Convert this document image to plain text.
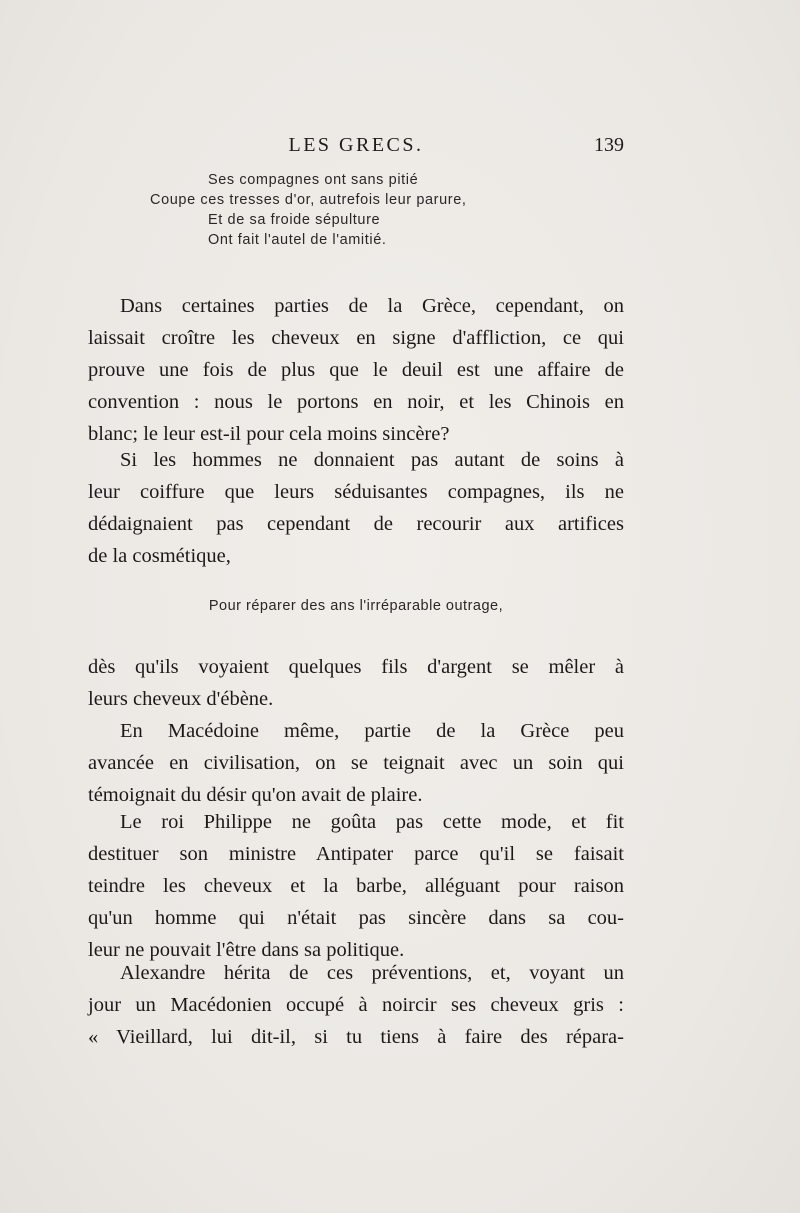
LES GRECS.	139
Ses compagnes ont sans pitié
Coupe ces tresses d'or, autrefois leur parure,
Et de sa froide sépulture
Ont fait l'autel de l'amitié.
Dans certaines parties de la Grèce, cependant, on
laissait croître les cheveux en signe d'affliction, ce qui
prouve une fois de plus que le deuil est une affaire de
convention : nous le portons en noir, et les Chinois en
blanc; le leur est-il pour cela moins sincère?
Si les hommes ne donnaient pas autant de soins à
leur coiffure que leurs séduisantes compagnes, ils ne
dédaignaient pas cependant de recourir aux artifices
de la cosmétique,
Pour réparer des ans l'irréparable outrage,
dès qu'ils voyaient quelques fils d'argent se mêler à
leurs cheveux d'ébène.
En Macédoine même, partie de la Grèce peu
avancée en civilisation, on se teignait avec un soin qui
témoignait du désir qu'on avait de plaire.
Le roi Philippe ne goûta pas cette mode, et fit
destituer son ministre Antipater parce qu'il se faisait
teindre les cheveux et la barbe, alléguant pour raison
qu'un homme qui n'était pas sincère dans sa cou-
leur ne pouvait l'être dans sa politique.
Alexandre hérita de ces préventions, et, voyant un
jour un Macédonien occupé à noircir ses cheveux gris :
« Vieillard, lui dit-il, si tu tiens à faire des répara-
